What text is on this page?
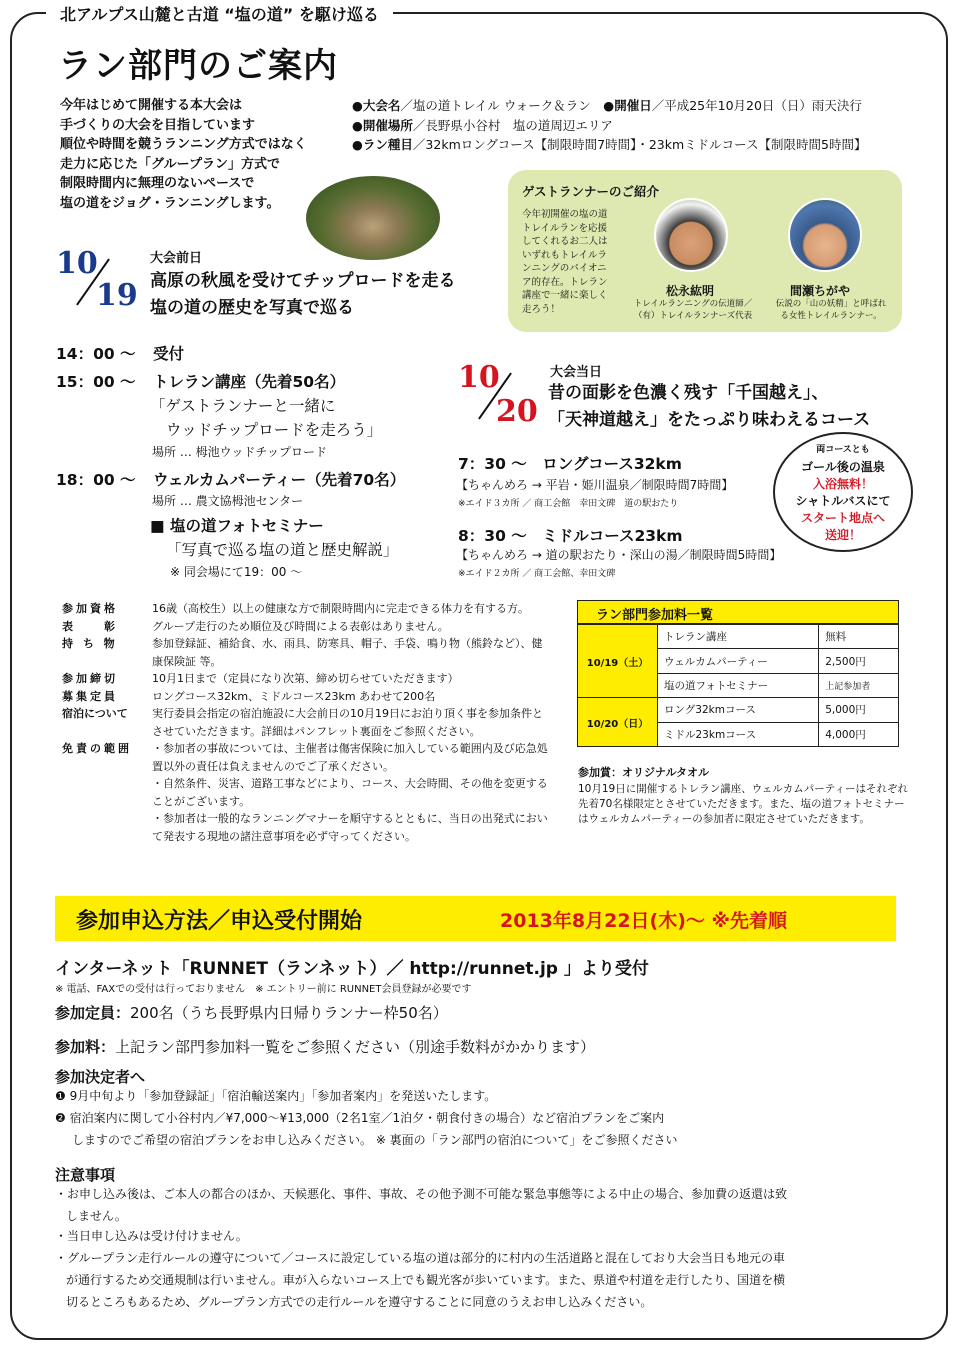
北アルプス山麓と古道 “塩の道” を駆け巡る
ラン部門のご案内
今年はじめて開催する本大会は
手づくりの大会を目指しています
順位や時間を競うランニング方式ではなく
走力に応じた「グループラン」方式で
制限時間内に無理のないペースで
塩の道をジョグ・ランニングします。
●大会名／塩の道トレイル ウォーク＆ラン　 ●開催日／平成25年10月20日（日）雨天決行
●開催場所／長野県小谷村　塩の道周辺エリア
●ラン種目／32kmロングコース【制限時間7時間】・23kmミドルコース【制限時間5時間】
ゲストランナーのご紹介
今年初開催の塩の道
トレイルランを応援
してくれるお二人は
いずれもトレイルラ
ンニングのパイオニ
ア的存在。トレラン
講座で一緒に楽しく
走ろう！
松永紘明	間瀬ちがや
トレイルランニングの伝道師／
（有）トレイルランナーズ代表
伝説の「山の妖精」と呼ばれ
る女性トレイルランナー。
10
19
大会前日
高原の秋風を受けてチップロードを走る
塩の道の歴史を写真で巡る
14：00 〜 受付
15：00 〜 トレラン講座（先着50名）
「ゲストランナーと一緒に
ウッドチップロードを走ろう」
場所 … 栂池ウッドチップロード
18：00 〜 ウェルカムパーティー（先着70名）
場所 … 農文協栂池センター
■ 塩の道フォトセミナー
「写真で巡る塩の道と歴史解説」
※ 同会場にて19：00 〜
10
20
大会当日
昔の面影を色濃く残す「千国越え」、
「天神道越え」をたっぷり味わえるコース
7：30 〜　ロングコース32km
【ちゃんめろ → 平岩・姫川温泉／制限時間7時間】
※エイド３カ所 ／ 商工会館　幸田文碑　道の駅おたり
8：30 〜　ミドルコース23km
【ちゃんめろ → 道の駅おたり・深山の湯／制限時間5時間】
※エイド２カ所 ／ 商工会館、幸田文碑
両コースとも
ゴール後の温泉
入浴無料！
シャトルバスにて
スタート地点へ
送迎！
参加資格	16歳（高校生）以上の健康な方で制限時間内に完走できる体力を有する方。
表　　彰	グループ走行のため順位及び時間による表彰はありません。
持 ち 物	参加登録証、補給食、水、雨具、防寒具、帽子、手袋、鳴り物（熊鈴など）、健康保険証 等。
参加締切	10月1日まで（定員になり次第、締め切らせていただきます）
募集定員	ロングコース32km、ミドルコース23km あわせて200名
宿泊について	実行委員会指定の宿泊施設に大会前日の10月19日にお泊り頂く事を参加条件とさせていただきます。詳細はパンフレット裏面をご参照ください。
免責の範囲	・参加者の事故については、主催者は傷害保険に加入している範囲内及び応急処置以外の責任は負えませんのでご了承ください。
・自然条件、災害、道路工事などにより、コース、大会時間、その他を変更することがございます。
・参加者は一般的なランニングマナーを順守するとともに、当日の出発式において発表する現地の諸注意事項を必ず守ってください。
ラン部門参加料一覧
10/19（土）	トレラン講座	無料
	ウェルカムパーティー	2,500円
	塩の道フォトセミナー	上記参加者
10/20（日）	ロング32kmコース	5,000円
	ミドル23kmコース	4,000円
参加賞：オリジナルタオル
10月19日に開催するトレラン講座、ウェルカムパーティーはそれぞれ先着70名様限定とさせていただきます。また、塩の道フォトセミナーはウェルカムパーティーの参加者に限定させていただきます。
参加申込方法／申込受付開始	2013年8月22日(木)〜 ※先着順
インターネット「RUNNET（ランネット）／ http://runnet.jp 」より受付
※ 電話、FAXでの受付は行っておりません　※ エントリー前に RUNNET会員登録が必要です
参加定員：200名（うち長野県内日帰りランナー枠50名）
参加料：上記ラン部門参加料一覧をご参照ください（別途手数料がかかります）
参加決定者へ
❶ 9月中旬より「参加登録証」「宿泊輸送案内」「参加者案内」を発送いたします。
❷ 宿泊案内に関して小谷村内／¥7,000〜¥13,000（2名1室／1泊夕・朝食付きの場合）など宿泊プランをご案内
しますのでご希望の宿泊プランをお申し込みください。 ※ 裏面の「ラン部門の宿泊について」をご参照ください
注意事項
・お申し込み後は、ご本人の都合のほか、天候悪化、事件、事故、その他予測不可能な緊急事態等による中止の場合、参加費の返還は致
しません。
・当日申し込みは受け付けません。
・グループラン走行ルールの遵守について／コースに設定している塩の道は部分的に村内の生活道路と混在しており大会当日も地元の車
が通行するため交通規制は行いません。車が入らないコース上でも観光客が歩いています。また、県道や村道を走行したり、国道を横
切るところもあるため、グループラン方式での走行ルールを遵守することに同意のうえお申し込みください。
